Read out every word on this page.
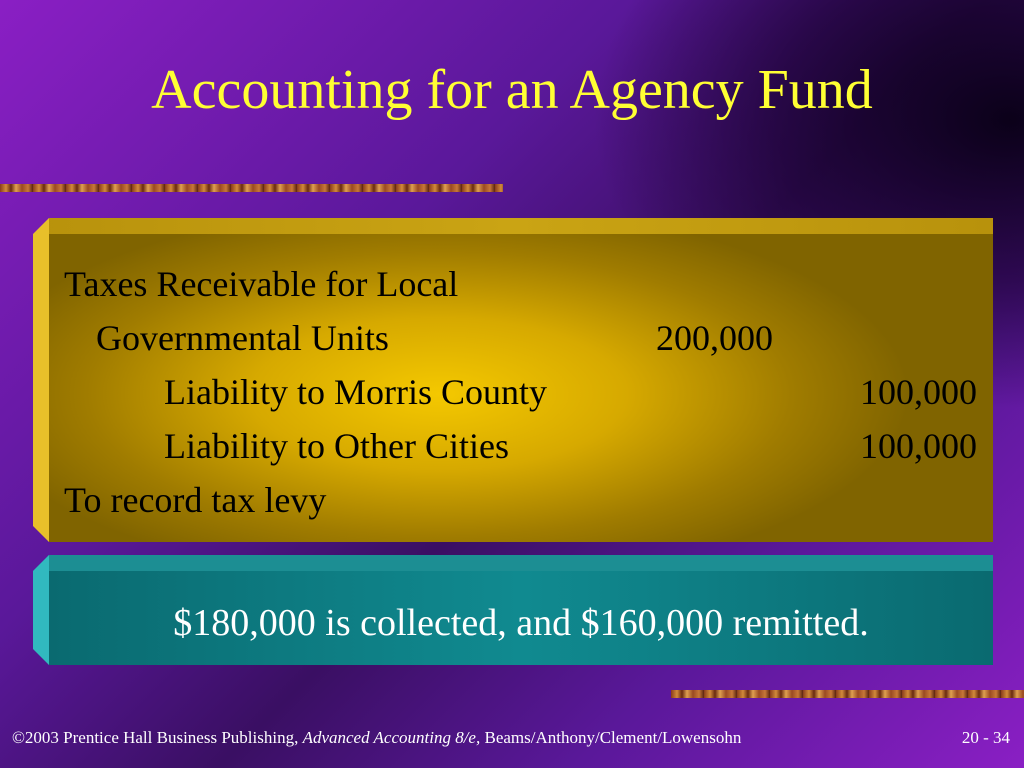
Accounting for an Agency Fund
Taxes Receivable for Local
Governmental Units	200,000
Liability to Morris County	100,000
Liability to Other Cities	100,000
To record tax levy
$180,000 is collected, and $160,000 remitted.
©2003 Prentice Hall Business Publishing, Advanced Accounting 8/e, Beams/Anthony/Clement/Lowensohn	20 - 34
